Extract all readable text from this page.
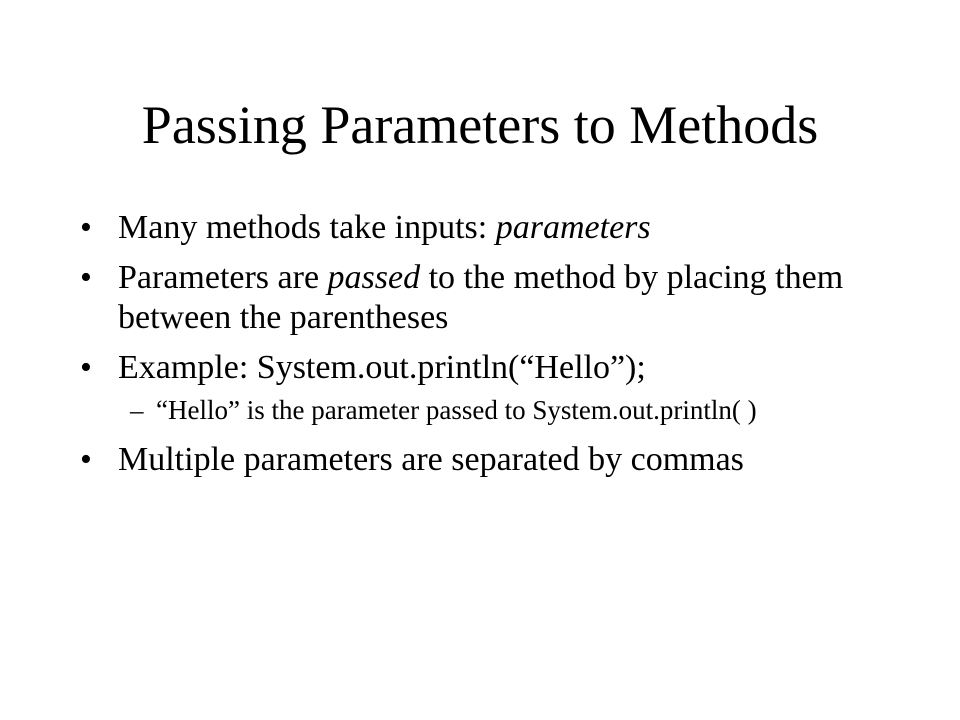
Passing Parameters to Methods
• Many methods take inputs: parameters
• Parameters are passed to the method by placing them between the parentheses
• Example: System.out.println(“Hello”);
– “Hello” is the parameter passed to System.out.println( )
• Multiple parameters are separated by commas
